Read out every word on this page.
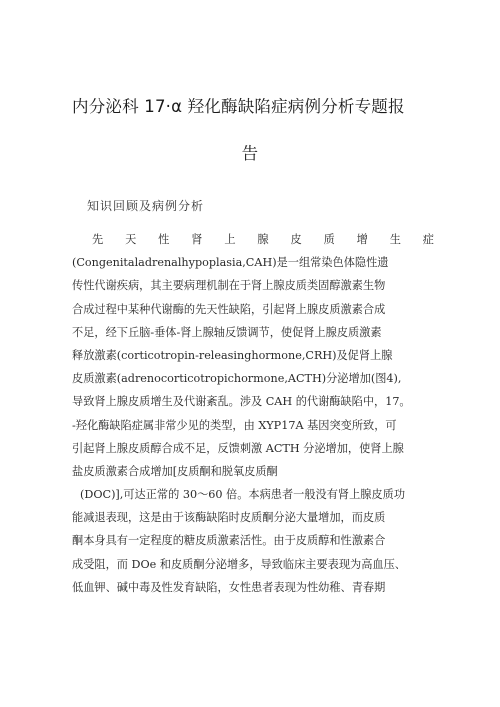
内分泌科 17·α 羟化酶缺陷症病例分析专题报
告
知识回顾及病例分析
先 天 性 肾 上 腺 皮 质 增 生 症
(Congenitaladrenalhypoplasia,CAH)是一组常染色体隐性遗
传性代谢疾病，其主要病理机制在于肾上腺皮质类固醇激素生物
合成过程中某种代谢酶的先天性缺陷，引起肾上腺皮质激素合成
不足，经下丘脑-垂体-肾上腺轴反馈调节，使促肾上腺皮质激素
释放激素(corticotropin-releasinghormone,CRH)及促肾上腺
皮质激素(adrenocorticotropichormone,ACTH)分泌增加(图4),
导致肾上腺皮质增生及代谢紊乱。涉及 CAH 的代谢酶缺陷中，17。
-羟化酶缺陷症属非常少见的类型，由 XYP17A 基因突变所致，可
引起肾上腺皮质醇合成不足，反馈刺激 ACTH 分泌增加，使肾上腺
盐皮质激素合成增加[皮质酮和脱氧皮质酮
(DOC)],可达正常的 30～60 倍。本病患者一般没有肾上腺皮质功
能减退表现，这是由于该酶缺陷时皮质酮分泌大量增加，而皮质
酮本身具有一定程度的糖皮质激素活性。由于皮质醇和性激素合
成受阻，而 DOe 和皮质酮分泌增多，导致临床主要表现为高血压、
低血钾、碱中毒及性发育缺陷，女性患者表现为性幼稚、青春期
